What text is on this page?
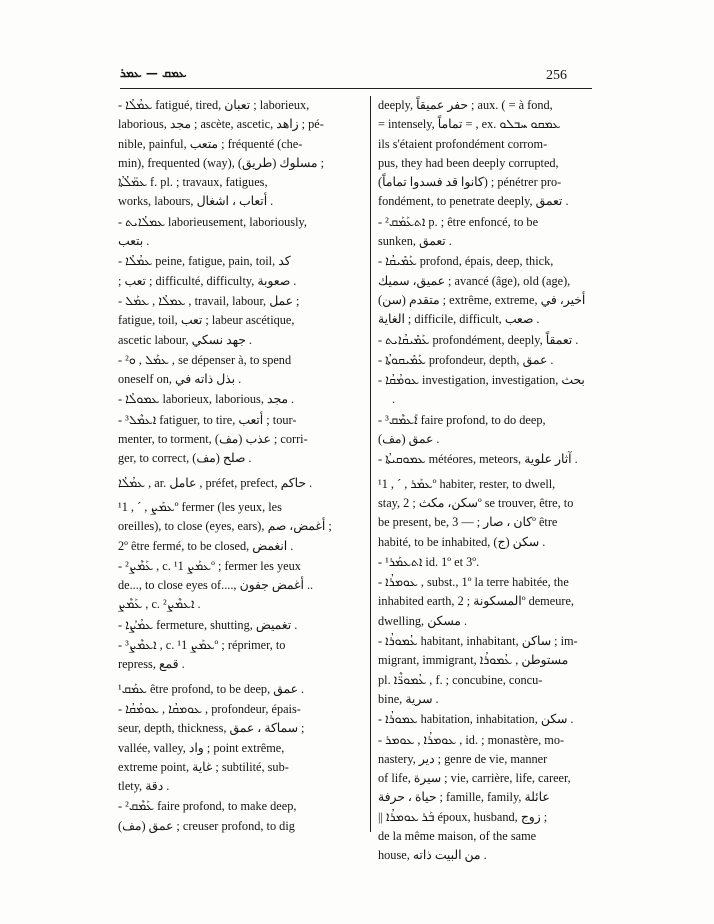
ܥܡܩ — ܥܡܪ	256
- ܥܡܳܠܳܐ fatigué, tired, تعبان ; laborieux,
laborious, مجد ; ascète, ascetic, زاهد ; pé-
nible, painful, متعب ; fréquenté (che-
min), frequented (way), (طريق) مسلوك ;
ܥܡ̈ܠܳܬܳܐ f. pl. ; travaux, fatigues,
works, labours, أتعاب ، اشغال .
- ܥܡܠܳܐܝܬ laborieusement, laboriously,
بتعب .
- ܥܡܳܠܳܐ peine, fatigue, pain, toil, كد
; تعب ; difficulté, difficulty, صعوبة .
- ܥܡܠܳܐ , ܥܡܰܠ , travail, labour, عمل ;
fatigue, toil, تعب ; labeur ascétique,
ascetic labour, جهد نسكي .
- ²ܥܡܰܠ , ܘ , se dépenser à, to spend
oneself on, بذل ذاته في .
- ܥܡܘܠܳܐ laborieux, laborious, مجد .
- ³ܐܥܡܶܠ fatiguer, to tire, أتعب ; tour-
menter, to torment, (مف) عذب ; corri-
ger, to correct, (مف) صلح .
ܥܡܳܠܳܐ , ar. عامل , préfet, prefect, حاكم .
¹ܥܡܰܨ , ˊ , 1º fermer (les yeux, les
oreilles), to close (eyes, ears), أغمض، صم ;
2º être fermé, to be closed, انغمض .
- ²ܥܰܡܶܨ , c. ¹ܥܡܰܨ 1º ; fermer les yeux
de..., to close eyes of...., أغمض جفون ..
ܥܰܡܶܨ , c. ²ܐܥܡܶܨ .
- ܥܡܳܨܳܐ fermeture, shutting, تغميض .
- ³ܐܥܡܶܨ , c. ¹ܥܡܰܨ 1º ; réprimer, to
repress, قمع .
¹ܥܡܰܩ être profond, to be deep, عمق .
- ܥܘܡܩܳܐ , ܥܘܡܳܩܳܐ , profondeur, épais-
seur, depth, thickness, سماكة ، عمق ;
vallée, valley, واد ; point extrême,
extreme point, غاية ; subtilité, sub-
tlety, دقة .
- ²ܥܰܡܶܩ faire profond, to make deep,
(مف) عمق ; creuser profond, to dig
deeply, حفر عميقاً ; aux. ( = à fond,
= intensely, تماماً = , ex. ܥܡܩܘ ܚܒܠܘ
ils s'étaient profondément corrom-
pus, they had been deeply corrupted,
(كانوا قد فسدوا تماماً) ; pénétrer pro-
fondément, to penetrate deeply, تعمق .
- ²ܐܬܥܰܡܰܩ p. ; être enfoncé, to be
sunken, تعمق .
- ܥܰܡܺܝܩܳܐ profond, épais, deep, thick,
عميق، سميك ; avancé (âge), old (age),
(سن) متقدم ; extrême, extreme, أخير، في
الغاية ; difficile, difficult, صعب .
- ܥܰܡܺܝܩܳܐܝܬ profondément, deeply, تعمقاً .
- ܥܰܡܺܝܩܘܬܳܐ profondeur, depth, عمق .
- ܥܘܡܳܩܳܐ investigation, investigation, بحث .
- ³ܐܰܥܡܶܩ faire profond, to do deep,
(مف) عمق .
- ܥܡܘܩܝܬܳܐ météores, meteors, آثار علوية .
¹ܥܡܰܪ , ˊ , 1º habiter, rester, to dwell,
stay, سكن، مكث ; 2º se trouver, être, to
be present, be, كان ، صار ; — 3º être
habité, to be inhabited, (ج) سكن .
- ¹ܐܬܥܡܰܪ id. 1º et 3º.
- ܥܘܡܪܳܐ , subst., 1º la terre habitée, the
inhabited earth, المسكونة ; 2º demeure,
dwelling, مسكن .
- ܥܳܡܘܪܳܐ habitant, inhabitant, ساكن ; im-
migrant, immigrant, مستوطن , ܥܳܡܘܪܳܐ
pl. ܥܳܡܘܪ̈ܶܐ , f. ; concubine, concu-
bine, سرية .
- ܥܡܘܪܳܐ habitation, inhabitation, سكن .
- ܥܘܡܪܳܐ , ܥܘܡܪ , id. ; monastère, mo-
nastery, دير ; genre de vie, manner
of life, سيرة ; vie, carrière, life, career,
حياة ، حرفة ; famille, family, عائلة
|| ܒܰܪ ܥܘܡܪܳܐ époux, husband, زوج ;
de la même maison, of the same
house, من البيت ذاته .
